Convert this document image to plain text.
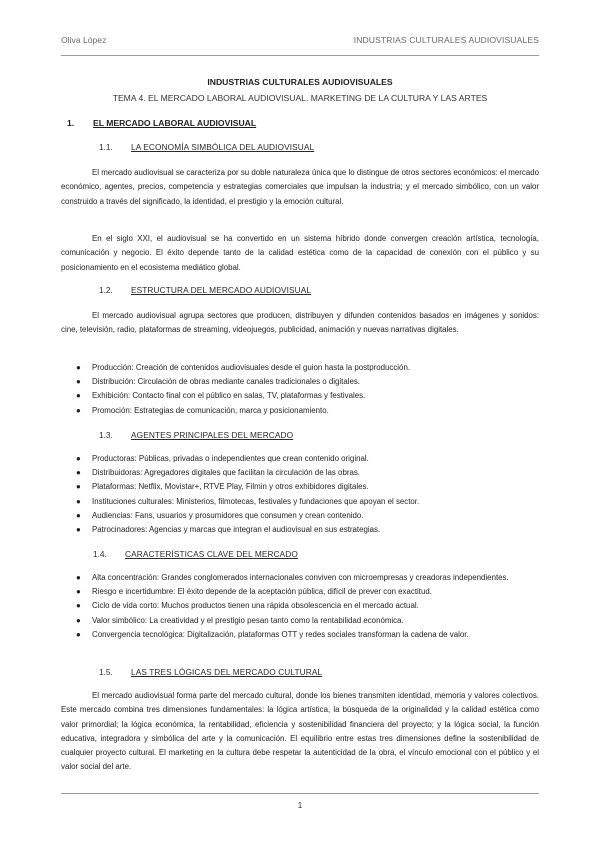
Oliva López	INDUSTRIAS CULTURALES AUDIOVISUALES
INDUSTRIAS CULTURALES AUDIOVISUALES
TEMA 4. EL MERCADO LABORAL AUDIOVISUAL. MARKETING DE LA CULTURA Y LAS ARTES
1. EL MERCADO LABORAL AUDIOVISUAL
1.1. LA ECONOMÍA SIMBÓLICA DEL AUDIOVISUAL
El mercado audiovisual se caracteriza por su doble naturaleza única que lo distingue de otros sectores económicos: el mercado económico, agentes, precios, competencia y estrategias comerciales que impulsan la industria; y el mercado simbólico, con un valor construido a través del significado, la identidad, el prestigio y la emoción cultural.
En el siglo XXI, el audiovisual se ha convertido en un sistema híbrido donde convergen creación artística, tecnología, comunicación y negocio. El éxito depende tanto de la calidad estética como de la capacidad de conexión con el público y su posicionamiento en el ecosistema mediático global.
1.2. ESTRUCTURA DEL MERCADO AUDIOVISUAL
El mercado audiovisual agrupa sectores que producen, distribuyen y difunden contenidos basados en imágenes y sonidos: cine, televisión, radio, plataformas de streaming, videojuegos, publicidad, animación y nuevas narrativas digitales.
● Producción: Creación de contenidos audiovisuales desde el guion hasta la postproducción.
● Distribución: Circulación de obras mediante canales tradicionales o digitales.
● Exhibición: Contacto final con el público en salas, TV, plataformas y festivales.
● Promoción: Estrategias de comunicación, marca y posicionamiento.
1.3. AGENTES PRINCIPALES DEL MERCADO
● Productoras: Públicas, privadas o independientes que crean contenido original.
● Distribuidoras: Agregadores digitales que facilitan la circulación de las obras.
● Plataformas: Netflix, Movistar+, RTVE Play, Filmin y otros exhibidores digitales.
● Instituciones culturales: Ministerios, filmotecas, festivales y fundaciones que apoyan el sector.
● Audiencias: Fans, usuarios y prosumidores que consumen y crean contenido.
● Patrocinadores: Agencias y marcas que integran el audiovisual en sus estrategias.
1.4. CARACTERÍSTICAS CLAVE DEL MERCADO
● Alta concentración: Grandes conglomerados internacionales conviven con microempresas y creadoras independientes.
● Riesgo e incertidumbre: El éxito depende de la aceptación pública, difícil de prever con exactitud.
● Ciclo de vida corto: Muchos productos tienen una rápida obsolescencia en el mercado actual.
● Valor simbólico: La creatividad y el prestigio pesan tanto como la rentabilidad económica.
● Convergencia tecnológica: Digitalización, plataformas OTT y redes sociales transforman la cadena de valor.
1.5. LAS TRES LÓGICAS DEL MERCADO CULTURAL
El mercado audiovisual forma parte del mercado cultural, donde los bienes transmiten identidad, memoria y valores colectivos. Este mercado combina tres dimensiones fundamentales: la lógica artística, la búsqueda de la originalidad y la calidad estética como valor primordial; la lógica económica, la rentabilidad, eficiencia y sostenibilidad financiera del proyecto; y la lógica social, la función educativa, integradora y simbólica del arte y la comunicación. El equilibrio entre estas tres dimensiones define la sostenibilidad de cualquier proyecto cultural. El marketing en la cultura debe respetar la autenticidad de la obra, el vínculo emocional con el público y el valor social del arte.
1
